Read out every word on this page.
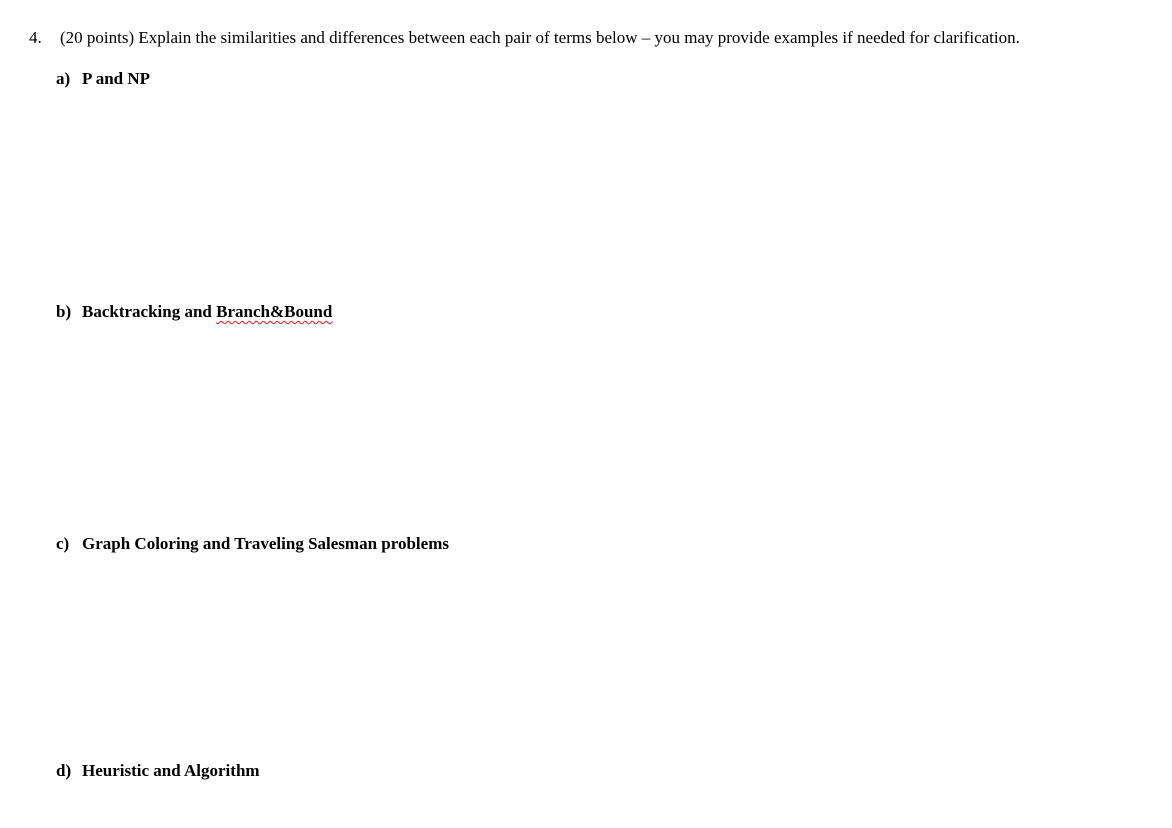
4. (20 points) Explain the similarities and differences between each pair of terms below – you may provide examples if needed for clarification.
a) P and NP
b) Backtracking and Branch&Bound
c) Graph Coloring and Traveling Salesman problems
d) Heuristic and Algorithm
